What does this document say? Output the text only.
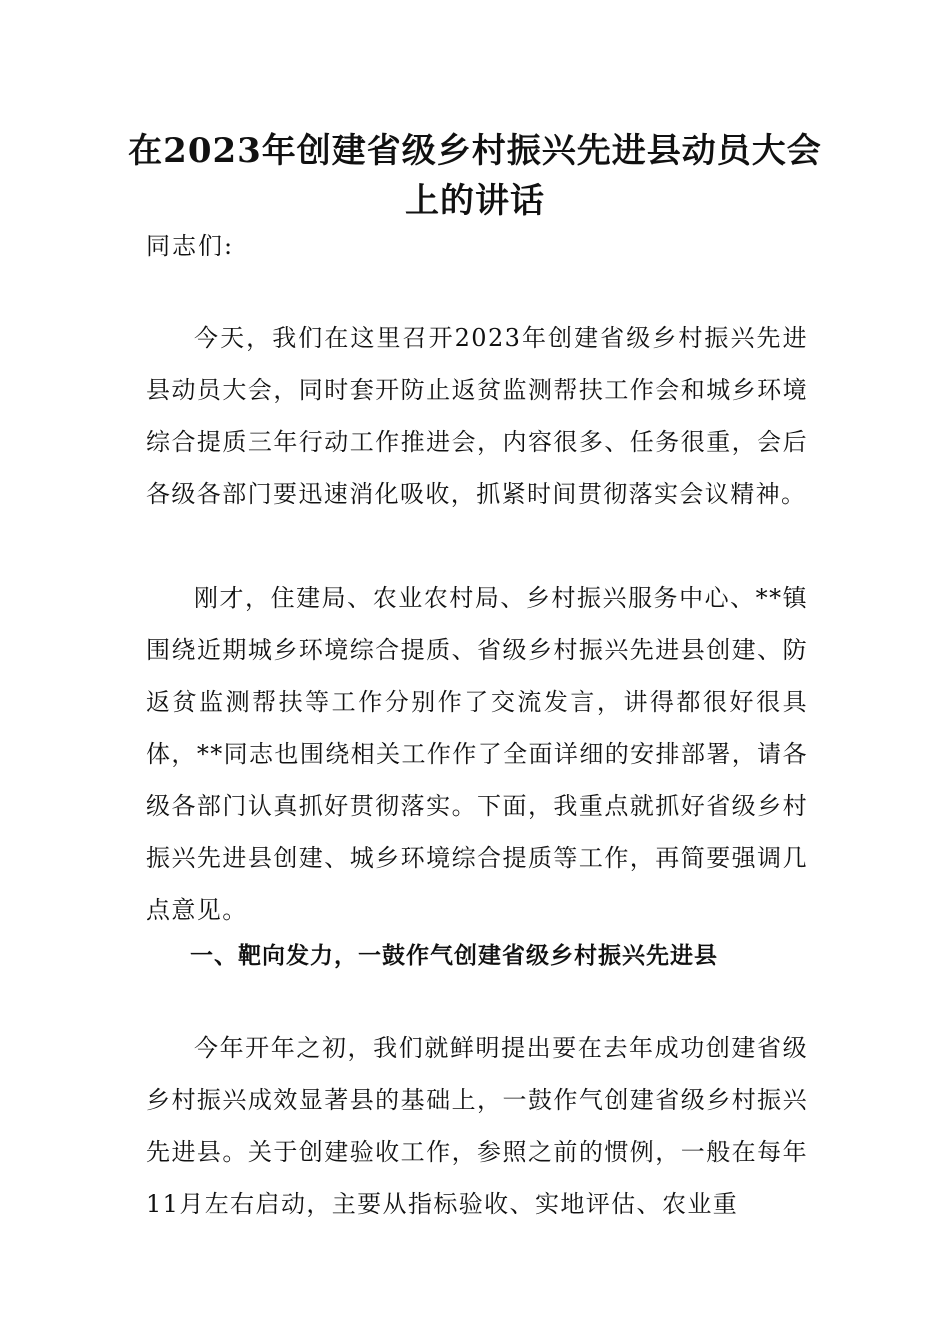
在2023年创建省级乡村振兴先进县动员大会上的讲话
同志们:
今天，我们在这里召开2023年创建省级乡村振兴先进县动员大会，同时套开防止返贫监测帮扶工作会和城乡环境综合提质三年行动工作推进会，内容很多、任务很重，会后各级各部门要迅速消化吸收，抓紧时间贯彻落实会议精神。
刚才，住建局、农业农村局、乡村振兴服务中心、**镇围绕近期城乡环境综合提质、省级乡村振兴先进县创建、防返贫监测帮扶等工作分别作了交流发言，讲得都很好很具体，**同志也围绕相关工作作了全面详细的安排部署，请各级各部门认真抓好贯彻落实。下面，我重点就抓好省级乡村振兴先进县创建、城乡环境综合提质等工作，再简要强调几点意见。
一、靶向发力，一鼓作气创建省级乡村振兴先进县
今年开年之初，我们就鲜明提出要在去年成功创建省级乡村振兴成效显著县的基础上，一鼓作气创建省级乡村振兴先进县。关于创建验收工作，参照之前的惯例，一般在每年11月左右启动，主要从指标验收、实地评估、农业重
